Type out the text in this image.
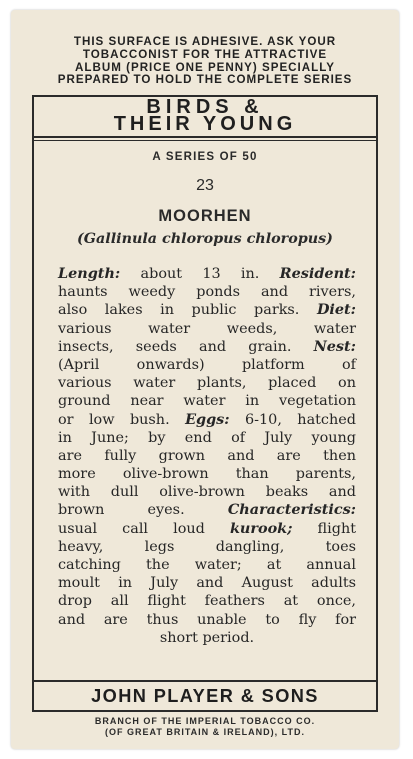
THIS SURFACE IS ADHESIVE. ASK YOUR
TOBACCONIST FOR THE ATTRACTIVE
ALBUM (PRICE ONE PENNY) SPECIALLY
PREPARED TO HOLD THE COMPLETE SERIES
BIRDS &
THEIR YOUNG
A SERIES OF 50
23
MOORHEN
(Gallinula chloropus chloropus)
Length: about 13 in. Resident:
haunts weedy ponds and rivers,
also lakes in public parks. Diet:
various water weeds, water
insects, seeds and grain. Nest:
(April onwards) platform of
various water plants, placed on
ground near water in vegetation
or low bush. Eggs: 6-10, hatched
in June; by end of July young
are fully grown and are then
more olive-brown than parents,
with dull olive-brown beaks and
brown eyes. Characteristics:
usual call loud kurook; flight
heavy, legs dangling, toes
catching the water; at annual
moult in July and August adults
drop all flight feathers at once,
and are thus unable to fly for
short period.
JOHN PLAYER & SONS
BRANCH OF THE IMPERIAL TOBACCO CO.
(OF GREAT BRITAIN & IRELAND), LTD.
